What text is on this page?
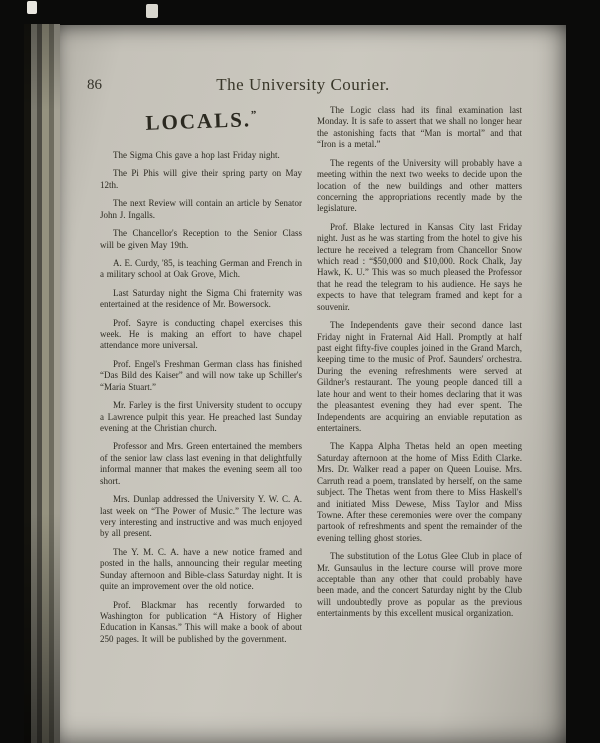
86	The University Courier.
LOCALS.”

The Sigma Chis gave a hop last Friday night.

The Pi Phis will give their spring party on May 12th.

The next Review will contain an article by Senator John J. Ingalls.

The Chancellor's Reception to the Senior Class will be given May 19th.

A. E. Curdy, '85, is teaching German and French in a military school at Oak Grove, Mich.

Last Saturday night the Sigma Chi fraternity was entertained at the residence of Mr. Bowersock.

Prof. Sayre is conducting chapel exercises this week. He is making an effort to have chapel attendance more universal.

Prof. Engel's Freshman German class has finished “Das Bild des Kaiser” and will now take up Schiller's “Maria Stuart.”

Mr. Farley is the first University student to occupy a Lawrence pulpit this year. He preached last Sunday evening at the Christian church.

Professor and Mrs. Green entertained the members of the senior law class last evening in that delightfully informal manner that makes the evening seem all too short.

Mrs. Dunlap addressed the University Y. W. C. A. last week on “The Power of Music.” The lecture was very interesting and instructive and was much enjoyed by all present.

The Y. M. C. A. have a new notice framed and posted in the halls, announcing their regular meeting Sunday afternoon and Bible-class Saturday night. It is quite an improvement over the old notice.

Prof. Blackmar has recently forwarded to Washington for publication “A History of Higher Education in Kansas.” This will make a book of about 250 pages. It will be published by the government.

The Logic class had its final examination last Monday. It is safe to assert that we shall no longer hear the astonishing facts that “Man is mortal” and that “Iron is a metal.”

The regents of the University will probably have a meeting within the next two weeks to decide upon the location of the new buildings and other matters concerning the appropriations recently made by the legislature.

Prof. Blake lectured in Kansas City last Friday night. Just as he was starting from the hotel to give his lecture he received a telegram from Chancellor Snow which read : “$50,000 and $10,000. Rock Chalk, Jay Hawk, K. U.” This was so much pleased the Professor that he read the telegram to his audience. He says he expects to have that telegram framed and kept for a souvenir.

The Independents gave their second dance last Friday night in Fraternal Aid Hall. Promptly at half past eight fifty-five couples joined in the Grand March, keeping time to the music of Prof. Saunders' orchestra. During the evening refreshments were served at Gildner's restaurant. The young people danced till a late hour and went to their homes declaring that it was the pleasantest evening they had ever spent. The Independents are acquiring an enviable reputation as entertainers.

The Kappa Alpha Thetas held an open meeting Saturday afternoon at the home of Miss Edith Clarke. Mrs. Dr. Walker read a paper on Queen Louise. Mrs. Carruth read a poem, translated by herself, on the same subject. The Thetas went from there to Miss Haskell's and initiated Miss Dewese, Miss Taylor and Miss Towne. After these ceremonies were over the company partook of refreshments and spent the remainder of the evening telling ghost stories.

The substitution of the Lotus Glee Club in place of Mr. Gunsaulus in the lecture course will prove more acceptable than any other that could probably have been made, and the concert Saturday night by the Club will undoubtedly prove as popular as the previous entertainments by this excellent musical organization.
